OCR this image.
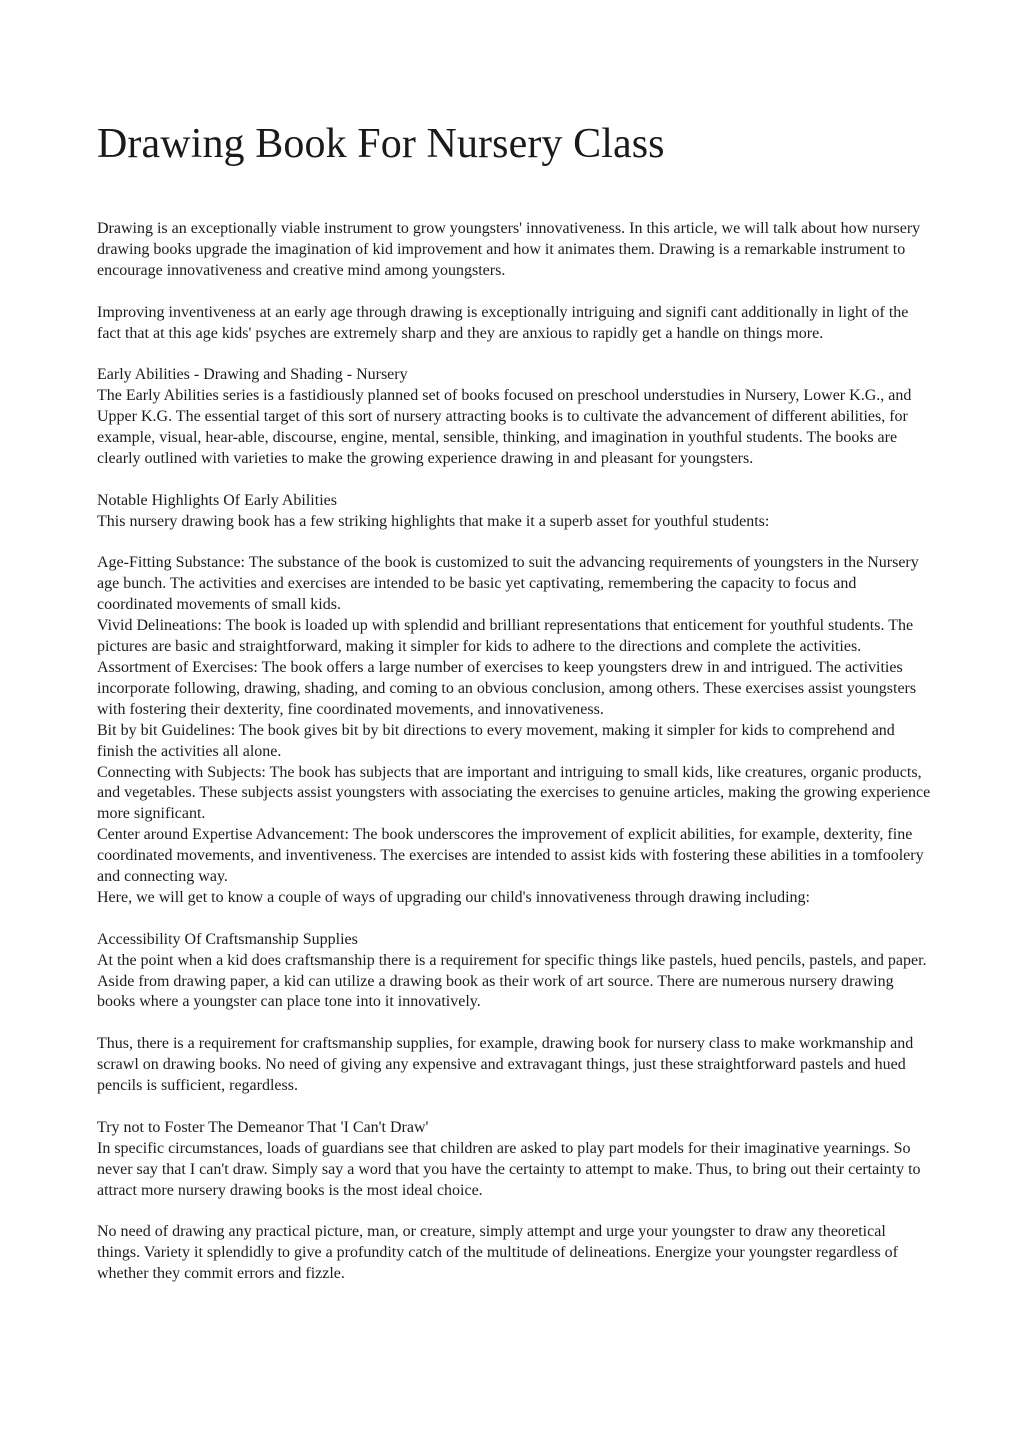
Drawing Book For Nursery Class
Drawing is an exceptionally viable instrument to grow youngsters' innovativeness. In this article, we will talk about how nursery drawing books upgrade the imagination of kid improvement and how it animates them. Drawing is a remarkable instrument to encourage innovativeness and creative mind among youngsters.
Improving inventiveness at an early age through drawing is exceptionally intriguing and signifi cant additionally in light of the fact that at this age kids' psyches are extremely sharp and they are anxious to rapidly get a handle on things more.
Early Abilities - Drawing and Shading - Nursery
The Early Abilities series is a fastidiously planned set of books focused on preschool understudies in Nursery, Lower K.G., and Upper K.G. The essential target of this sort of nursery attracting books is to cultivate the advancement of different abilities, for example, visual, hear-able, discourse, engine, mental, sensible, thinking, and imagination in youthful students. The books are clearly outlined with varieties to make the growing experience drawing in and pleasant for youngsters.
Notable Highlights Of Early Abilities
This nursery drawing book has a few striking highlights that make it a superb asset for youthful students:
Age-Fitting Substance: The substance of the book is customized to suit the advancing requirements of youngsters in the Nursery age bunch. The activities and exercises are intended to be basic yet captivating, remembering the capacity to focus and coordinated movements of small kids.
Vivid Delineations: The book is loaded up with splendid and brilliant representations that enticement for youthful students. The pictures are basic and straightforward, making it simpler for kids to adhere to the directions and complete the activities.
Assortment of Exercises: The book offers a large number of exercises to keep youngsters drew in and intrigued. The activities incorporate following, drawing, shading, and coming to an obvious conclusion, among others. These exercises assist youngsters with fostering their dexterity, fine coordinated movements, and innovativeness.
Bit by bit Guidelines: The book gives bit by bit directions to every movement, making it simpler for kids to comprehend and finish the activities all alone.
Connecting with Subjects: The book has subjects that are important and intriguing to small kids, like creatures, organic products, and vegetables. These subjects assist youngsters with associating the exercises to genuine articles, making the growing experience more significant.
Center around Expertise Advancement: The book underscores the improvement of explicit abilities, for example, dexterity, fine coordinated movements, and inventiveness. The exercises are intended to assist kids with fostering these abilities in a tomfoolery and connecting way.
Here, we will get to know a couple of ways of upgrading our child's innovativeness through drawing including:
Accessibility Of Craftsmanship Supplies
At the point when a kid does craftsmanship there is a requirement for specific things like pastels, hued pencils, pastels, and paper. Aside from drawing paper, a kid can utilize a drawing book as their work of art source. There are numerous nursery drawing books where a youngster can place tone into it innovatively.
Thus, there is a requirement for craftsmanship supplies, for example, drawing book for nursery class to make workmanship and scrawl on drawing books. No need of giving any expensive and extravagant things, just these straightforward pastels and hued pencils is sufficient, regardless.
Try not to Foster The Demeanor That 'I Can't Draw'
In specific circumstances, loads of guardians see that children are asked to play part models for their imaginative yearnings. So never say that I can't draw. Simply say a word that you have the certainty to attempt to make. Thus, to bring out their certainty to attract more nursery drawing books is the most ideal choice.
No need of drawing any practical picture, man, or creature, simply attempt and urge your youngster to draw any theoretical things. Variety it splendidly to give a profundity catch of the multitude of delineations. Energize your youngster regardless of whether they commit errors and fizzle.
